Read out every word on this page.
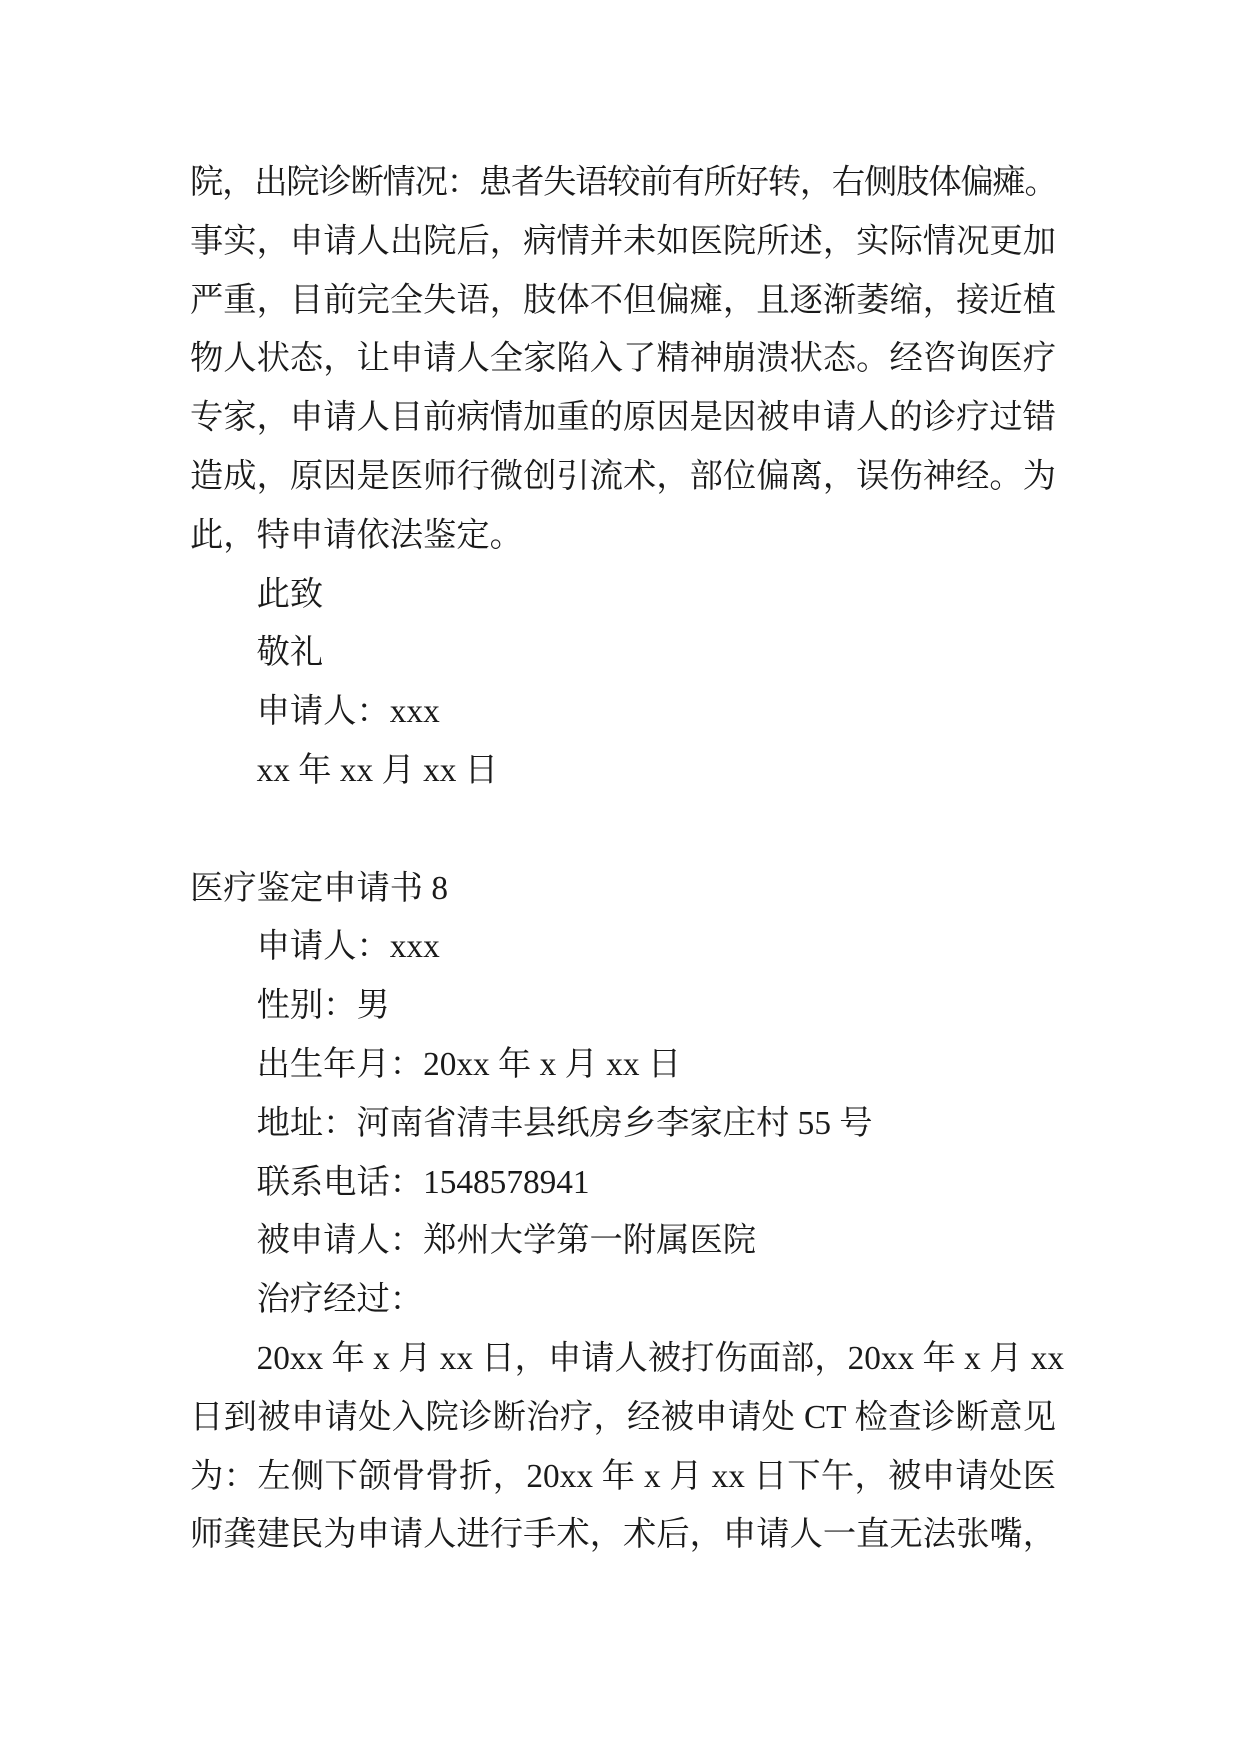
院，出院诊断情况：患者失语较前有所好转，右侧肢体偏瘫。
事实，申请人出院后，病情并未如医院所述，实际情况更加
严重，目前完全失语，肢体不但偏瘫，且逐渐萎缩，接近植
物人状态，让申请人全家陷入了精神崩溃状态。经咨询医疗
专家，申请人目前病情加重的原因是因被申请人的诊疗过错
造成，原因是医师行微创引流术，部位偏离，误伤神经。为
此，特申请依法鉴定。
此致
敬礼
申请人：xxx
xx 年 xx 月 xx 日
医疗鉴定申请书 8
申请人：xxx
性别：男
出生年月：20xx 年 x 月 xx 日
地址：河南省清丰县纸房乡李家庄村 55 号
联系电话：1548578941
被申请人：郑州大学第一附属医院
治疗经过：
20xx 年 x 月 xx 日，申请人被打伤面部，20xx 年 x 月 xx
日到被申请处入院诊断治疗，经被申请处 CT 检查诊断意见
为：左侧下颌骨骨折，20xx 年 x 月 xx 日下午，被申请处医
师龚建民为申请人进行手术，术后，申请人一直无法张嘴，
